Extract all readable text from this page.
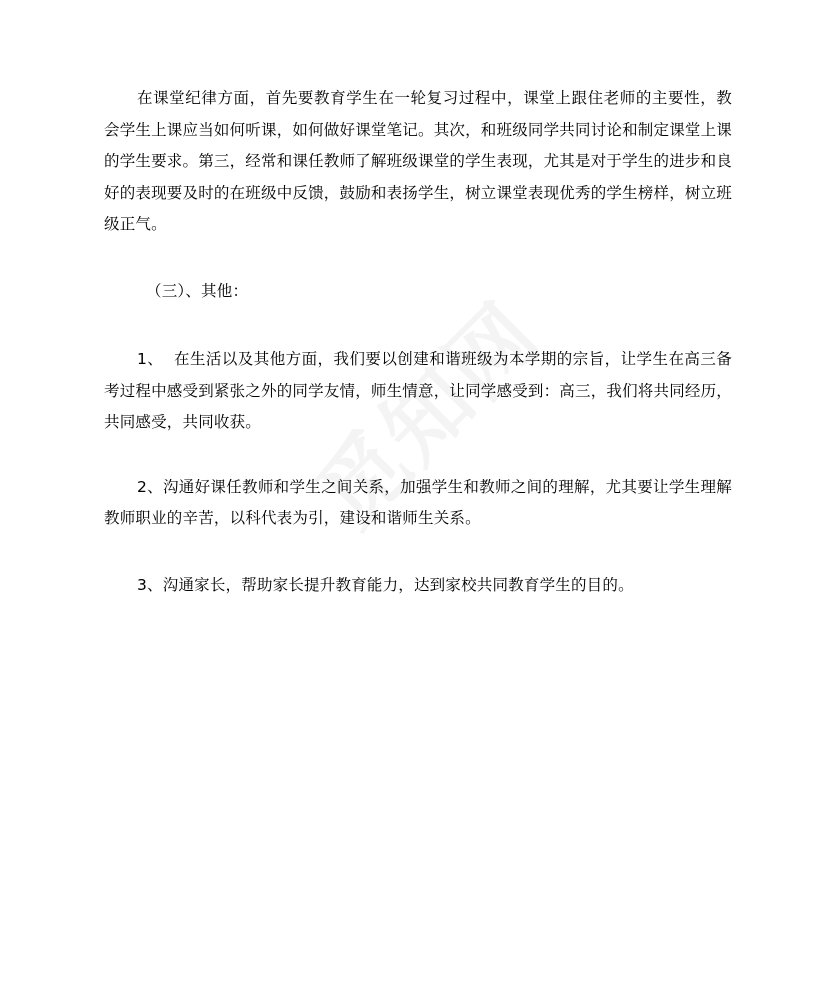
在课堂纪律方面，首先要教育学生在一轮复习过程中，课堂上跟住老师的主要性，教会学生上课应当如何听课，如何做好课堂笔记。其次，和班级同学共同讨论和制定课堂上课的学生要求。第三，经常和课任教师了解班级课堂的学生表现，尤其是对于学生的进步和良好的表现要及时的在班级中反馈，鼓励和表扬学生，树立课堂表现优秀的学生榜样，树立班级正气。

（三）、其他：

1、  在生活以及其他方面，我们要以创建和谐班级为本学期的宗旨，让学生在高三备考过程中感受到紧张之外的同学友情，师生情意，让同学感受到：高三，我们将共同经历，共同感受，共同收获。

2、沟通好课任教师和学生之间关系，加强学生和教师之间的理解，尤其要让学生理解教师职业的辛苦，以科代表为引，建设和谐师生关系。

3、沟通家长，帮助家长提升教育能力，达到家校共同教育学生的目的。
